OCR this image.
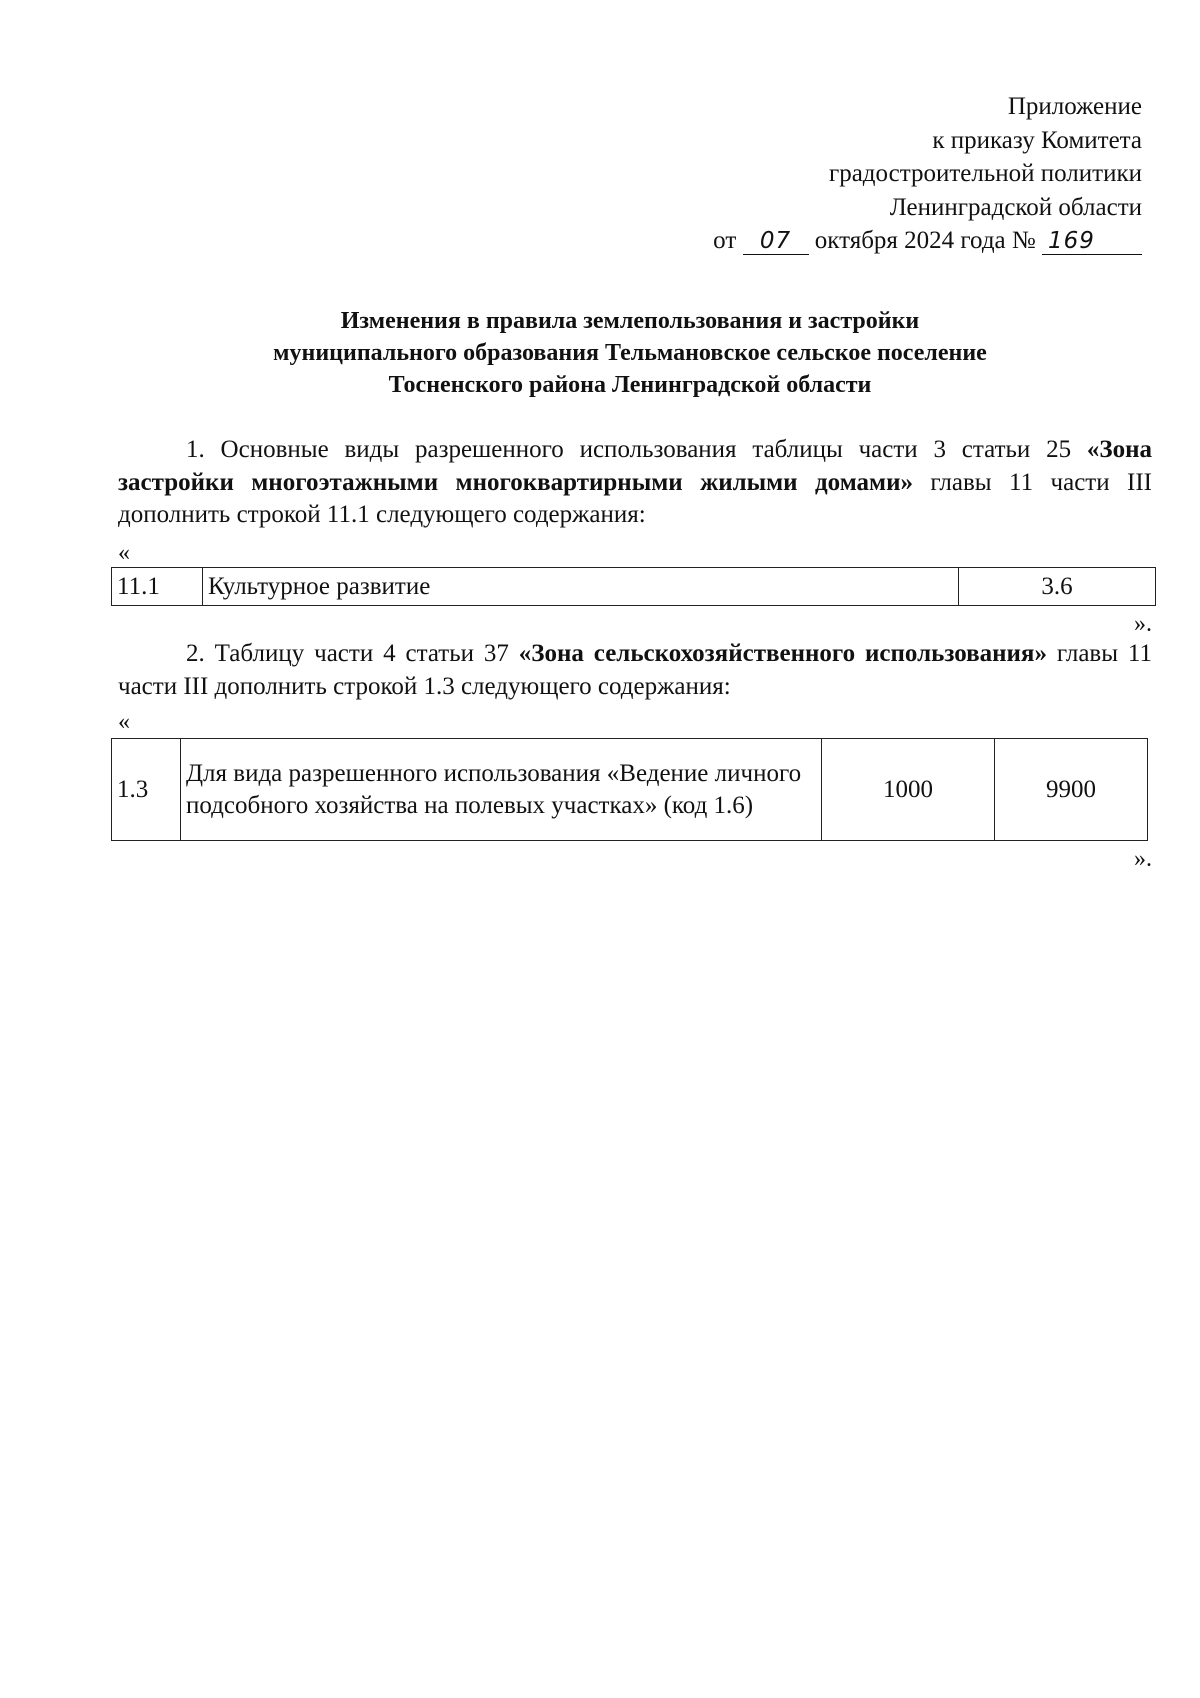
Приложение
к приказу Комитета
градостроительной политики
Ленинградской области
от 07 октября 2024 года № 169
Изменения в правила землепользования и застройки
муниципального образования Тельмановское сельское поселение
Тосненского района Ленинградской области
1. Основные виды разрешенного использования таблицы части 3 статьи 25 «Зона застройки многоэтажными многоквартирными жилыми домами» главы 11 части III дополнить строкой 11.1 следующего содержания:
«
11.1	Культурное развитие	3.6
».
2. Таблицу части 4 статьи 37 «Зона сельскохозяйственного использования» главы 11 части III дополнить строкой 1.3 следующего содержания:
«
1.3	Для вида разрешенного использования «Ведение личного подсобного хозяйства на полевых участках» (код 1.6)	1000	9900
».
